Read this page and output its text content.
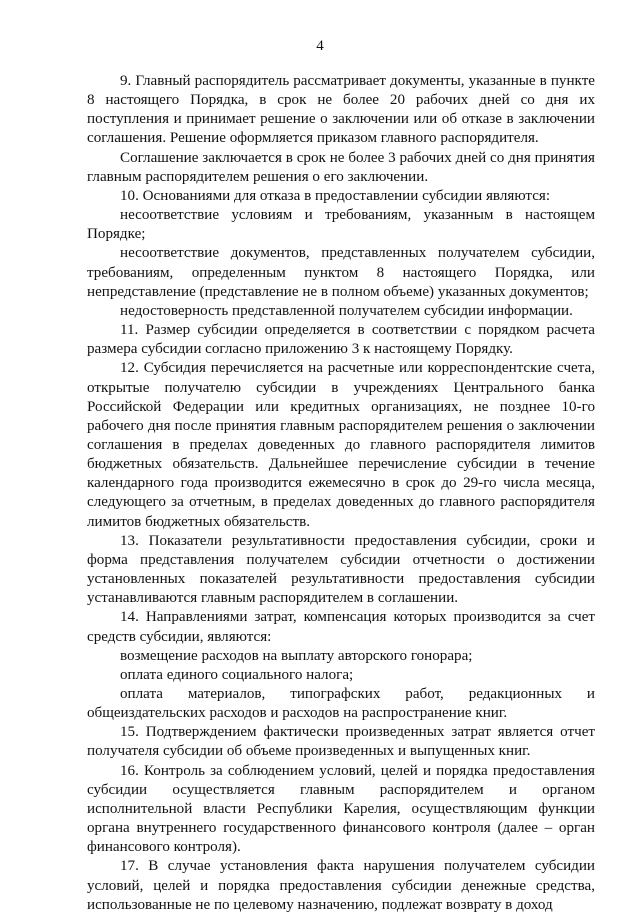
4

9. Главный распорядитель рассматривает документы, указанные в пункте 8 настоящего Порядка, в срок не более 20 рабочих дней со дня их поступления и принимает решение о заключении или об отказе в заключении соглашения. Решение оформляется приказом главного распорядителя.

Соглашение заключается в срок не более 3 рабочих дней со дня принятия главным распорядителем решения о его заключении.

10. Основаниями для отказа в предоставлении субсидии являются:

несоответствие условиям и требованиям, указанным в настоящем Порядке;

несоответствие документов, представленных получателем субсидии, требованиям, определенным пунктом 8 настоящего Порядка, или непредставление (представление не в полном объеме) указанных документов;

недостоверность представленной получателем субсидии информации.

11. Размер субсидии определяется в соответствии с порядком расчета размера субсидии согласно приложению 3 к настоящему Порядку.

12. Субсидия перечисляется на расчетные или корреспондентские счета, открытые получателю субсидии в учреждениях Центрального банка Российской Федерации или кредитных организациях, не позднее 10-го рабочего дня после принятия главным распорядителем решения о заключении соглашения в пределах доведенных до главного распорядителя лимитов бюджетных обязательств. Дальнейшее перечисление субсидии в течение календарного года производится ежемесячно в срок до 29-го числа месяца, следующего за отчетным, в пределах доведенных до главного распорядителя лимитов бюджетных обязательств.

13. Показатели результативности предоставления субсидии, сроки и форма представления получателем субсидии отчетности о достижении установленных показателей результативности предоставления субсидии устанавливаются главным распорядителем в соглашении.

14. Направлениями затрат, компенсация которых производится за счет средств субсидии, являются:

возмещение расходов на выплату авторского гонорара;

оплата единого социального налога;

оплата материалов, типографских работ, редакционных и общеиздательских расходов и расходов на распространение книг.

15. Подтверждением фактически произведенных затрат является отчет получателя субсидии об объеме произведенных и выпущенных книг.

16. Контроль за соблюдением условий, целей и порядка предоставления субсидии осуществляется главным распорядителем и органом исполнительной власти Республики Карелия, осуществляющим функции органа внутреннего государственного финансового контроля (далее – орган финансового контроля).

17. В случае установления факта нарушения получателем субсидии условий, целей и порядка предоставления субсидии денежные средства, использованные не по целевому назначению, подлежат возврату в доход
